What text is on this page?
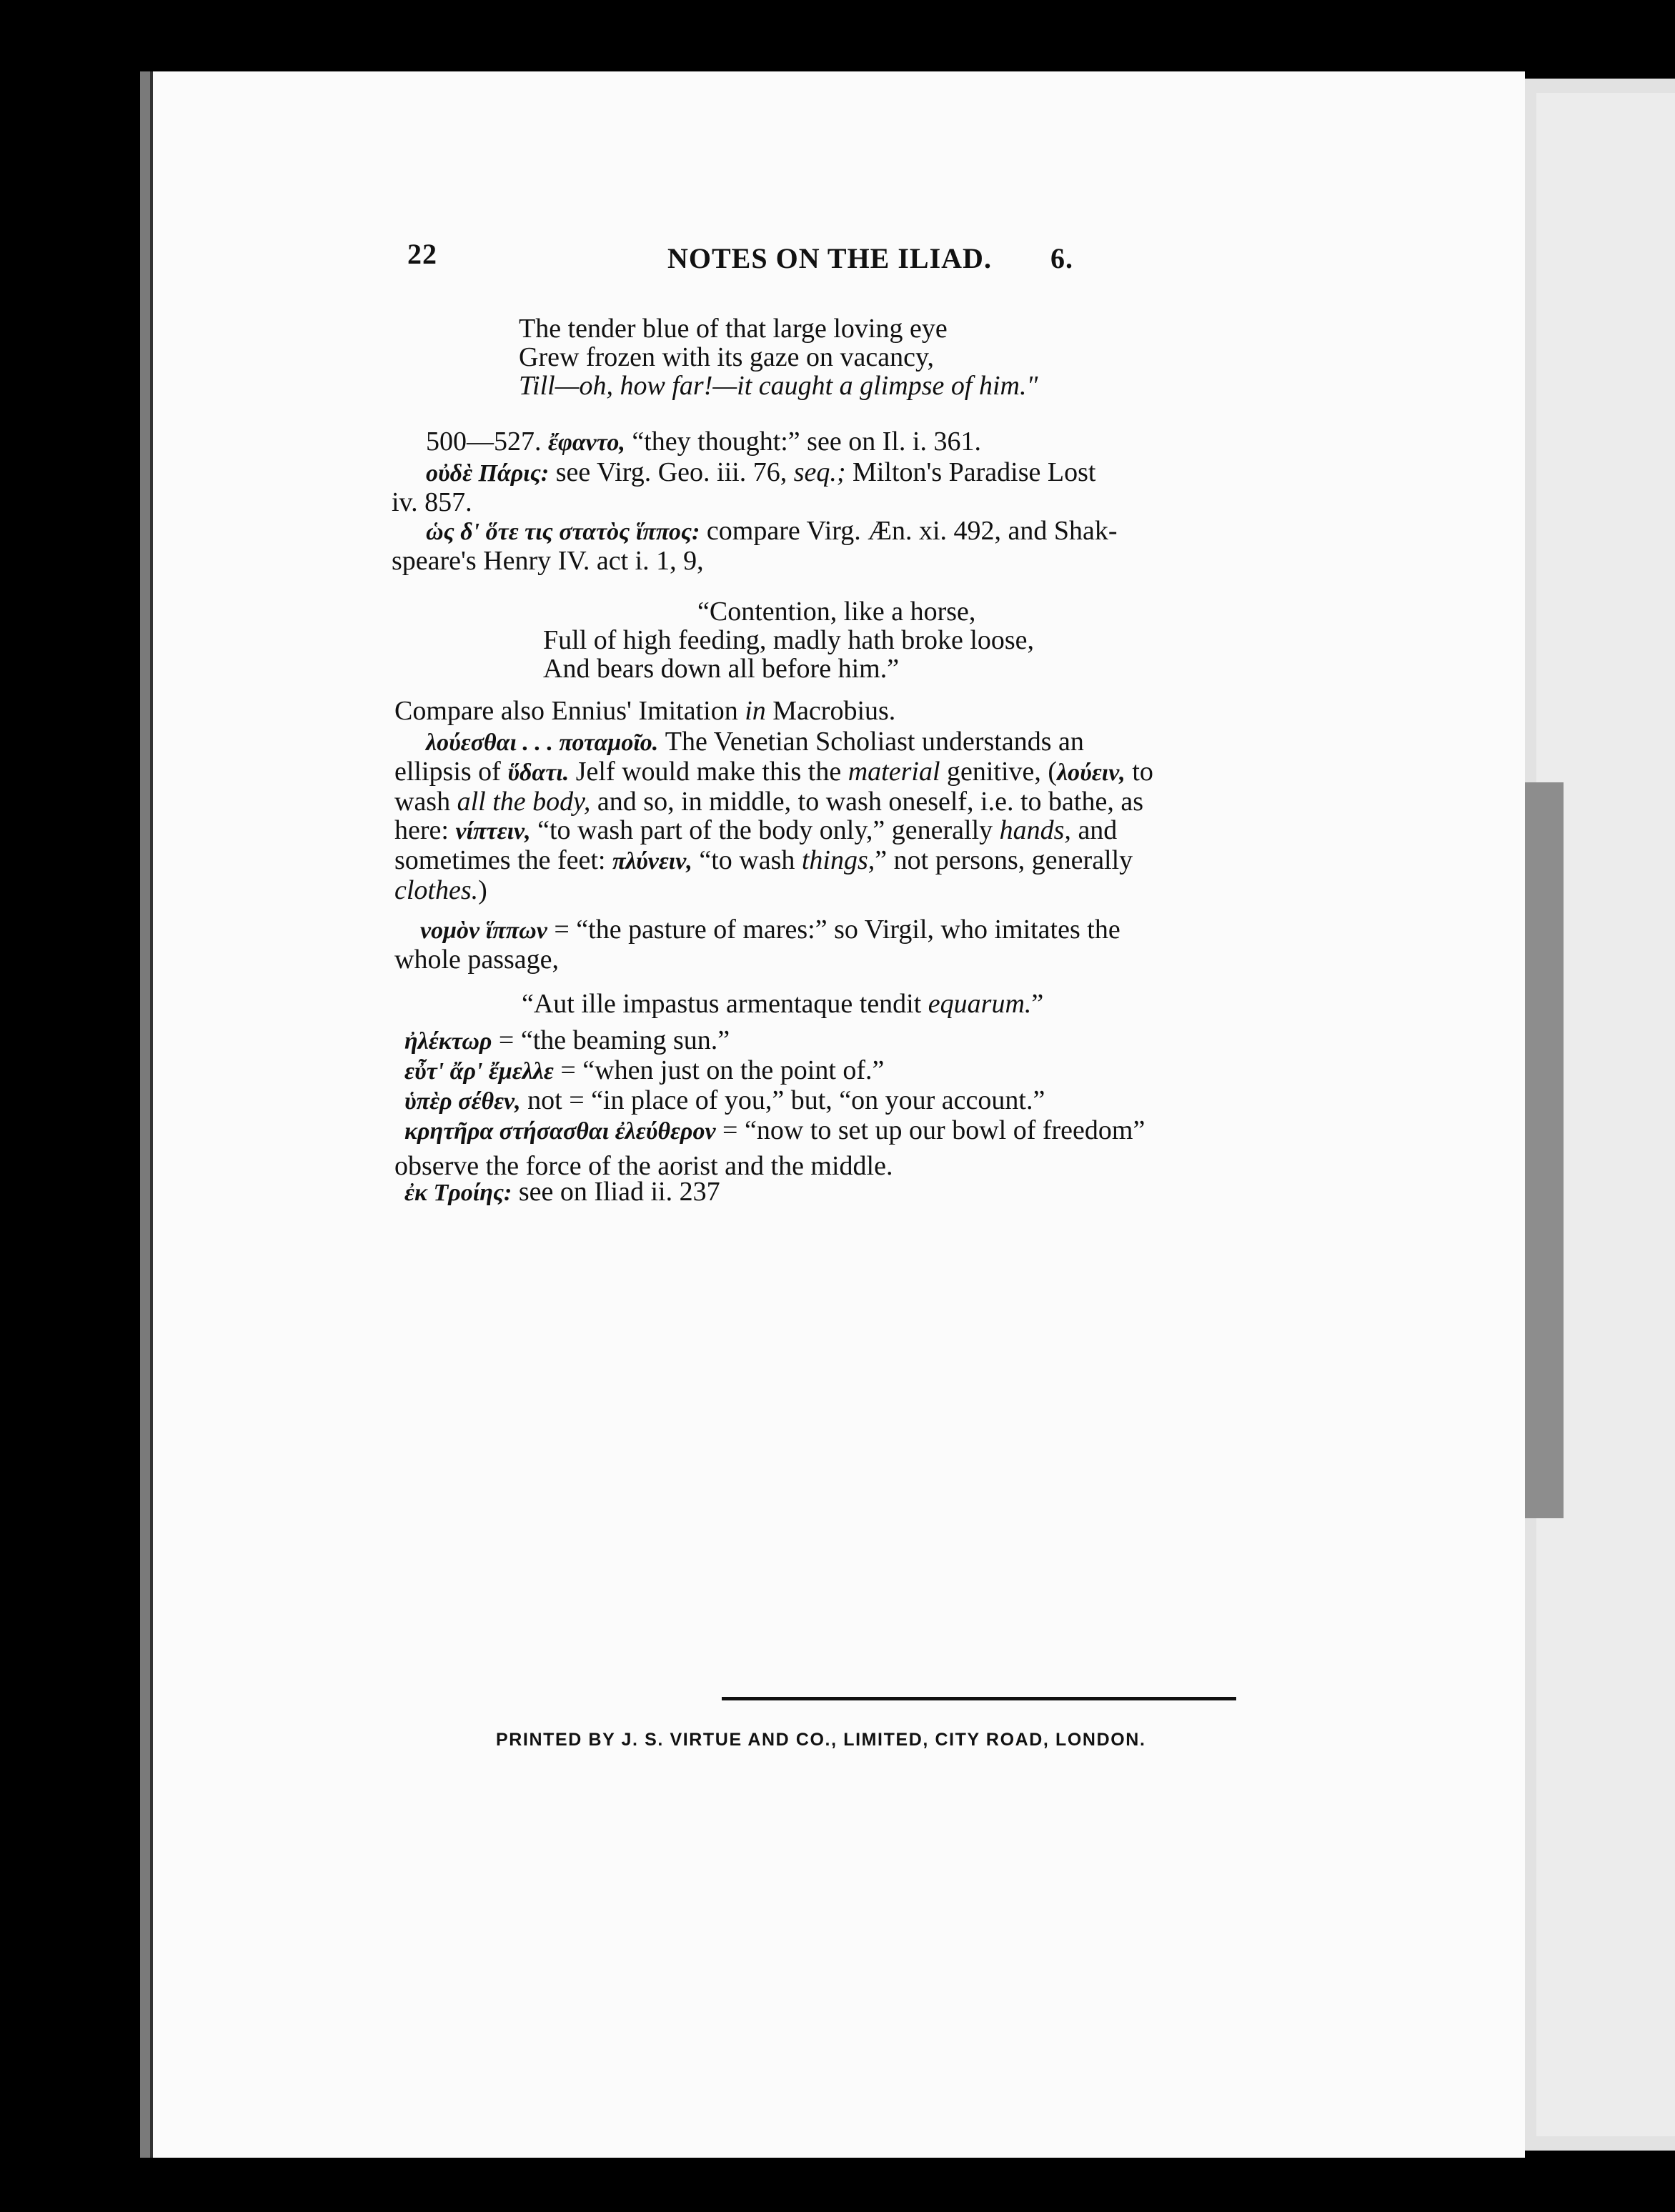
22	NOTES ON THE ILIAD. 6.
The tender blue of that large loving eye
Grew frozen with its gaze on vacancy,
Till—oh, how far!—it caught a glimpse of him."
500—527. ἔφαντο, “they thought:” see on Il. i. 361.
οὐδὲ Πάρις: see Virg. Geo. iii. 76, seq.; Milton's Paradise Lost
iv. 857.
ὡς δ' ὅτε τις στατὸς ἵππος: compare Virg. Æn. xi. 492, and Shak-
speare's Henry IV. act i. 1, 9,
“Contention, like a horse,
Full of high feeding, madly hath broke loose,
And bears down all before him.”
Compare also Ennius' Imitation in Macrobius.
λούεσθαι . . . ποταμοῖο. The Venetian Scholiast understands an
ellipsis of ὕδατι. Jelf would make this the material genitive, (λούειν, to
wash all the body, and so, in middle, to wash oneself, i.e. to bathe, as
here: νίπτειν, “to wash part of the body only,” generally hands, and
sometimes the feet: πλύνειν, “to wash things,” not persons, generally
clothes.)
νομὸν ἵππων = “the pasture of mares:” so Virgil, who imitates the
whole passage,
“Aut ille impastus armentaque tendit equarum.”
ἠλέκτωρ = “the beaming sun.”
εὖτ' ἄρ' ἔμελλε = “when just on the point of.”
ὑπὲρ σέθεν, not = “in place of you,” but, “on your account.”
κρητῆρα στήσασθαι ἐλεύθερον = “now to set up our bowl of freedom”
observe the force of the aorist and the middle.
ἐκ Τροίης: see on Iliad ii. 237
PRINTED BY J. S. VIRTUE AND CO., LIMITED, CITY ROAD, LONDON.
